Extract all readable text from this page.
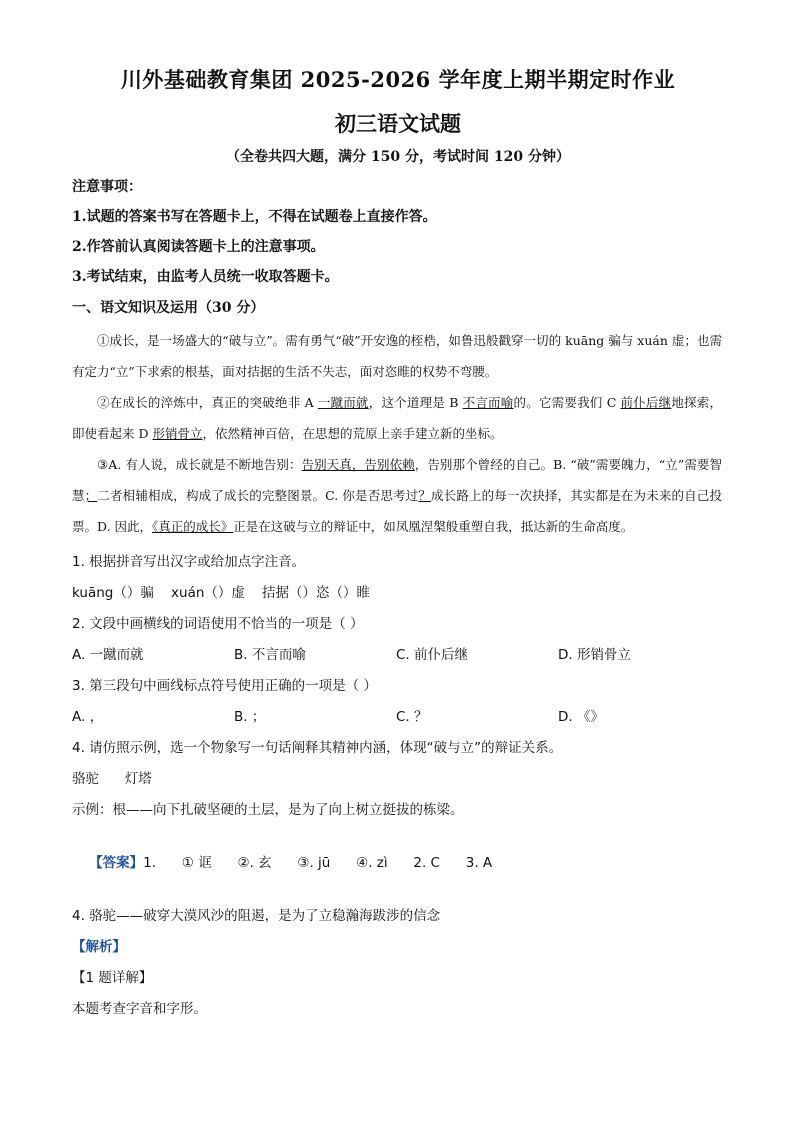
川外基础教育集团 2025-2026 学年度上期半期定时作业
初三语文试题
（全卷共四大题，满分 150 分，考试时间 120 分钟）
注意事项：
1.试题的答案书写在答题卡上，不得在试题卷上直接作答。
2.作答前认真阅读答题卡上的注意事项。
3.考试结束，由监考人员统一收取答题卡。
一、语文知识及运用（30 分）
①成长，是一场盛大的“破与立”。需有勇气“破”开安逸的桎梏，如鲁迅般戳穿一切的 kuāng 骗与 xuán 虚；也需有定力“立”下求索的根基，面对拮据的生活不失志，面对恣睢的权势不弯腰。
②在成长的淬炼中，真正的突破绝非 A 一蹴而就，这个道理是 B 不言而喻的。它需要我们 C 前仆后继地探索，即使看起来 D 形销骨立，依然精神百倍，在思想的荒原上亲手建立新的坐标。
③A. 有人说，成长就是不断地告别：告别天真，告别依赖，告别那个曾经的自己。B. “破”需要魄力，“立”需要智慧；二者相辅相成，构成了成长的完整图景。C. 你是否思考过？成长路上的每一次抉择，其实都是在为未来的自己投票。D. 因此，《真正的成长》正是在这破与立的辩证中，如凤凰涅槃般重塑自我，抵达新的生命高度。
1. 根据拼音写出汉字或给加点字注音。
kuāng（）骗    xuán（）虚    拮据（）恣（）睢
2. 文段中画横线的词语使用不恰当的一项是（ ）
A. 一蹴而就	B. 不言而喻	C. 前仆后继	D. 形销骨立
3. 第三段句中画线标点符号使用正确的一项是（ ）
A. ，	B. ；	C. ？	D. 《》
4. 请仿照示例，选一个物象写一句话阐释其精神内涵，体现“破与立”的辩证关系。
骆驼      灯塔
示例：根——向下扎破坚硬的土层，是为了向上树立挺拔的栋梁。

【答案】1.      ① 诓      ②. 玄      ③. jū      ④. zì      2. C      3. A

4. 骆驼——破穿大漠风沙的阻遏，是为了立稳瀚海跋涉的信念
【解析】
【1 题详解】
本题考查字音和字形。
